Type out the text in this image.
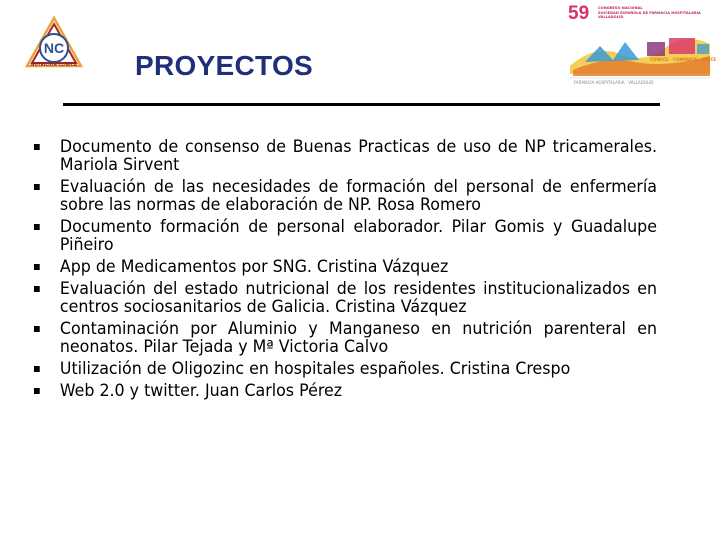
NC
NUTRICIÓN CLÍNICA	PROYECTOS
59 CONGRESO NACIONAL
SOCIEDAD ESPAÑOLA DE FARMACIA HOSPITALARIA
VALLADOLID
CONOCE · COMPARTE · CRECE
FARMACIA HOSPITALARIA · VALLADOLID
Documento de consenso de Buenas Practicas de uso de NP tricamerales. Mariola Sirvent
Evaluación de las necesidades de formación del personal de enfermería sobre las normas de elaboración de NP. Rosa Romero
Documento formación de personal elaborador. Pilar Gomis y Guadalupe Piñeiro
App de Medicamentos por SNG. Cristina Vázquez
Evaluación del estado nutricional de los residentes institucionalizados en centros sociosanitarios de Galicia. Cristina Vázquez
Contaminación por Aluminio y Manganeso en nutrición parenteral en neonatos. Pilar Tejada y Mª Victoria Calvo
Utilización de Oligozinc en hospitales españoles. Cristina Crespo
Web 2.0 y twitter. Juan Carlos Pérez
